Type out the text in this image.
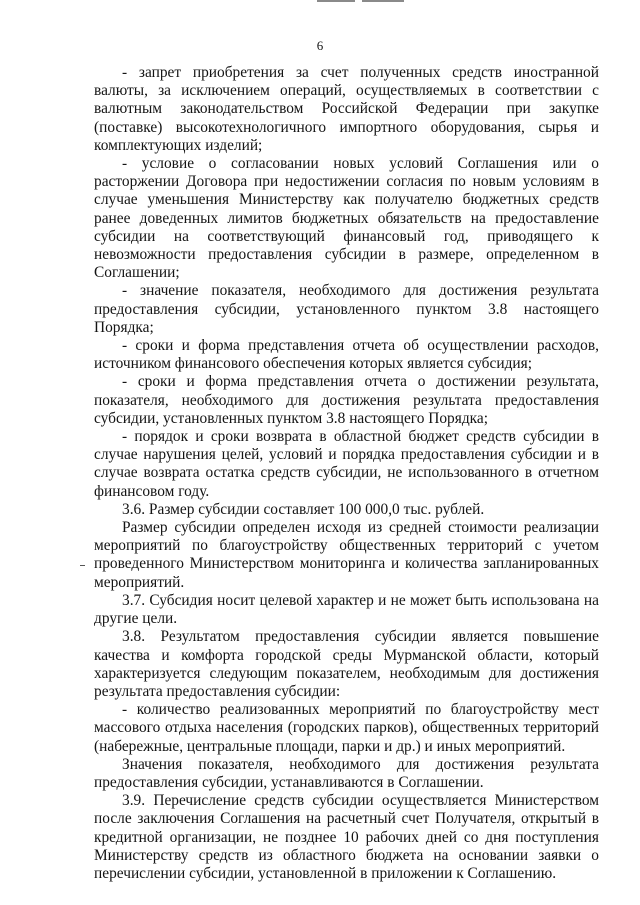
6

- запрет приобретения за счет полученных средств иностранной валюты, за исключением операций, осуществляемых в соответствии с валютным законодательством Российской Федерации при закупке (поставке) высокотехнологичного импортного оборудования, сырья и комплектующих изделий;

- условие о согласовании новых условий Соглашения или о расторжении Договора при недостижении согласия по новым условиям в случае уменьшения Министерству как получателю бюджетных средств ранее доведенных лимитов бюджетных обязательств на предоставление субсидии на соответствующий финансовый год, приводящего к невозможности предоставления субсидии в размере, определенном в Соглашении;

- значение показателя, необходимого для достижения результата предоставления субсидии, установленного пунктом 3.8 настоящего Порядка;

- сроки и форма представления отчета об осуществлении расходов, источником финансового обеспечения которых является субсидия;

- сроки и форма представления отчета о достижении результата, показателя, необходимого для достижения результата предоставления субсидии, установленных пунктом 3.8 настоящего Порядка;

- порядок и сроки возврата в областной бюджет средств субсидии в случае нарушения целей, условий и порядка предоставления субсидии и в случае возврата остатка средств субсидии, не использованного в отчетном финансовом году.

3.6. Размер субсидии составляет 100 000,0 тыс. рублей.

Размер субсидии определен исходя из средней стоимости реализации мероприятий по благоустройству общественных территорий с учетом проведенного Министерством мониторинга и количества запланированных мероприятий.

3.7. Субсидия носит целевой характер и не может быть использована на другие цели.

3.8. Результатом предоставления субсидии является повышение качества и комфорта городской среды Мурманской области, который характеризуется следующим показателем, необходимым для достижения результата предоставления субсидии:

- количество реализованных мероприятий по благоустройству мест массового отдыха населения (городских парков), общественных территорий (набережные, центральные площади, парки и др.) и иных мероприятий.

Значения показателя, необходимого для достижения результата предоставления субсидии, устанавливаются в Соглашении.

3.9. Перечисление средств субсидии осуществляется Министерством после заключения Соглашения на расчетный счет Получателя, открытый в кредитной организации, не позднее 10 рабочих дней со дня поступления Министерству средств из областного бюджета на основании заявки о перечислении субсидии, установленной в приложении к Соглашению.
